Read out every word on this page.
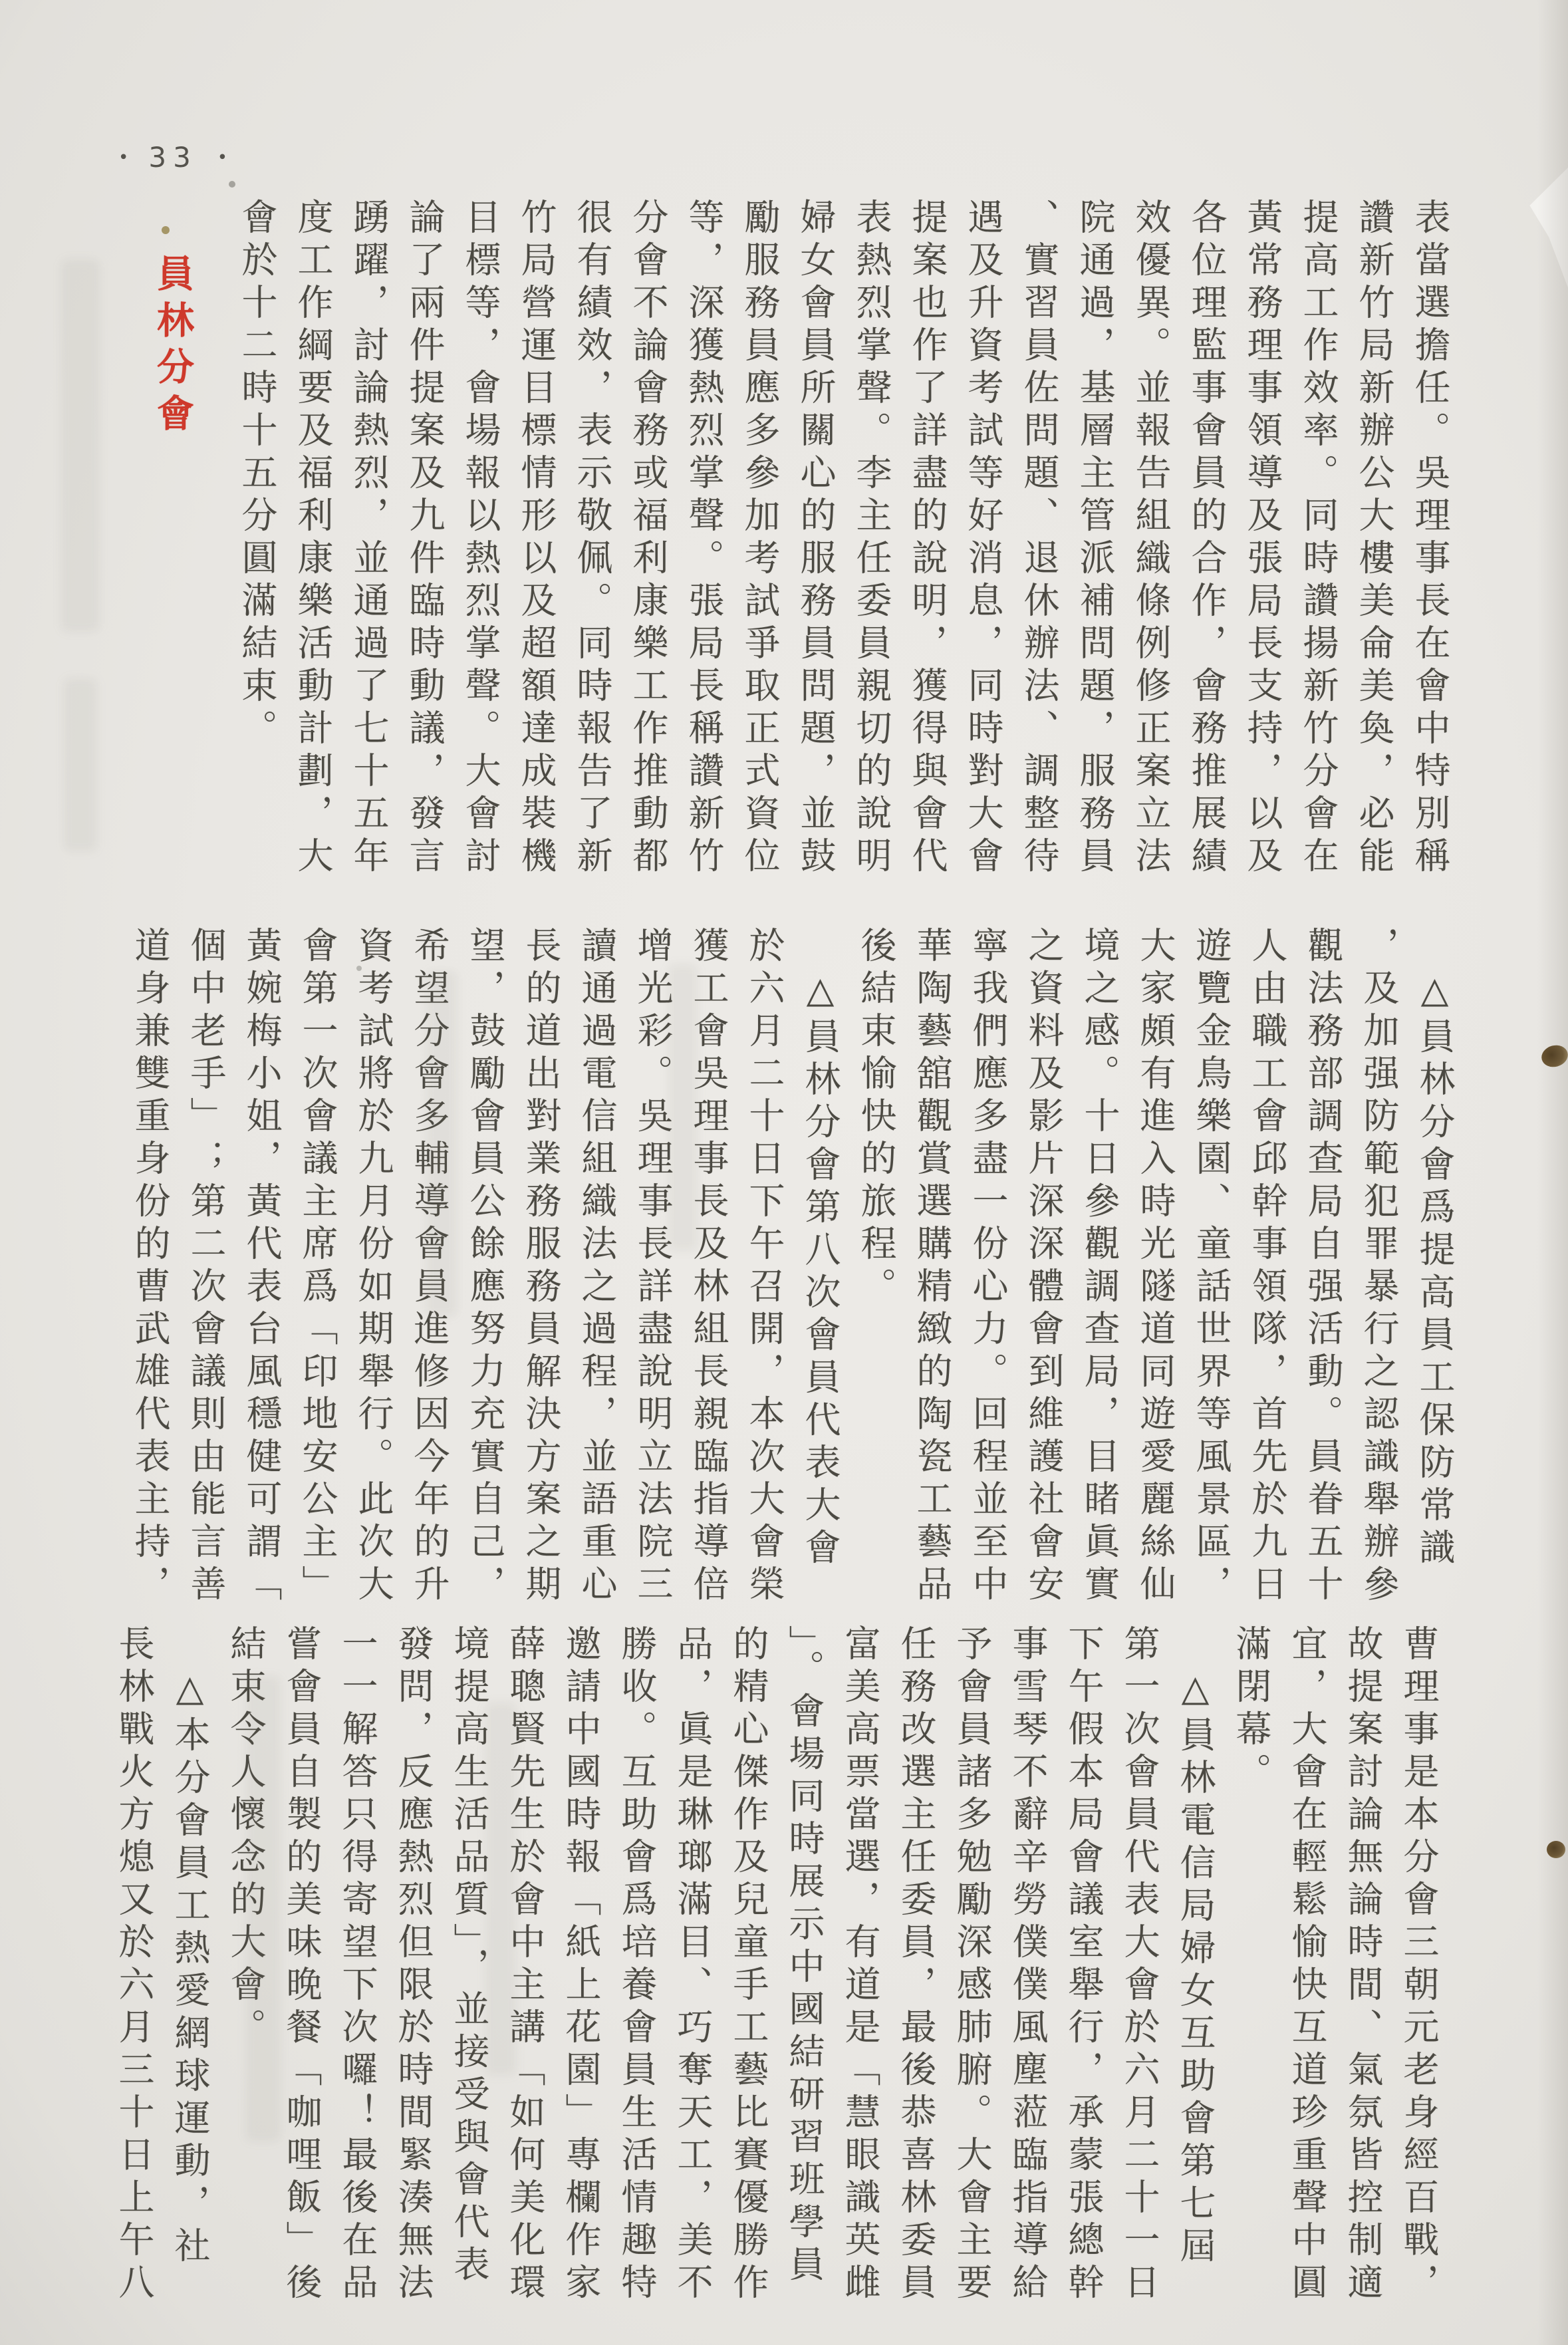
• 33 •
員林分會	表當選擔任。吳理事長在會中特別稱
讚新竹局新辦公大樓美侖美奐，必能
提高工作效率。同時讚揚新竹分會在
黃常務理事領導及張局長支持，以及
各位理監事會員的合作，會務推展績
效優異。並報告組織條例修正案立法
院通過，基層主管派補問題，服務員
、實習員佐問題、退休辦法、調整待
遇及升資考試等好消息，同時對大會
提案也作了詳盡的說明，獲得與會代
表熱烈掌聲。李主任委員親切的說明
婦女會員所關心的服務員問題，並鼓
勵服務員應多參加考試爭取正式資位
等，深獲熱烈掌聲。張局長稱讚新竹
分會不論會務或福利康樂工作推動都
很有績效，表示敬佩。同時報告了新
竹局營運目標情形以及超額達成裝機
目標等，會場報以熱烈掌聲。大會討
論了兩件提案及九件臨時動議，發言
踴躍，討論熱烈，並通過了七十五年
度工作綱要及福利康樂活動計劃，大
會於十二時十五分圓滿結束。
　△員林分會爲提高員工保防常識
，及加强防範犯罪暴行之認識舉辦參
觀法務部調查局自强活動。員眷五十
人由職工會邱幹事領隊，首先於九日
遊覽金鳥樂園、童話世界等風景區，
大家頗有進入時光隧道同遊愛麗絲仙
境之感。十日參觀調查局，目睹眞實
之資料及影片深深體會到維護社會安
寧我們應多盡一份心力。回程並至中
華陶藝舘觀賞選購精緻的陶瓷工藝品
後結束愉快的旅程。
　△員林分會第八次會員代表大會
於六月二十日下午召開，本次大會榮
獲工會吳理事長及林組長親臨指導倍
增光彩。吳理事長詳盡說明立法院三
讀通過電信組織法之過程，並語重心
長的道出對業務服務員解決方案之期
望，鼓勵會員公餘應努力充實自己，
希望分會多輔導會員進修因今年的升
資考試將於九月份如期舉行。此次大
會第一次會議主席爲「印地安公主」
黃婉梅小姐，黃代表台風穩健可謂「
個中老手」；第二次會議則由能言善
道身兼雙重身份的曹武雄代表主持，
曹理事是本分會三朝元老身經百戰，
故提案討論無論時間、氣氛皆控制適
宜，大會在輕鬆愉快互道珍重聲中圓
滿閉幕。
　△員林電信局婦女互助會第七屆
第一次會員代表大會於六月二十一日
下午假本局會議室舉行，承蒙張總幹
事雪琴不辭辛勞僕僕風塵蒞臨指導給
予會員諸多勉勵深感肺腑。大會主要
任務改選主任委員，最後恭喜林委員
富美高票當選，有道是「慧眼識英雌
」。會場同時展示中國結研習班學員
的精心傑作及兒童手工藝比賽優勝作
品，眞是琳瑯滿目、巧奪天工，美不
勝收。互助會爲培養會員生活情趣特
邀請中國時報「紙上花園」專欄作家
薛聰賢先生於會中主講「如何美化環
境提高生活品質」，並接受與會代表
發問，反應熱烈但限於時間緊湊無法
一一解答只得寄望下次囉！最後在品
嘗會員自製的美味晚餐「咖哩飯」後
結束令人懷念的大會。
　△本分會員工熱愛網球運動，社
長林戰火方熄又於六月三十日上午八
